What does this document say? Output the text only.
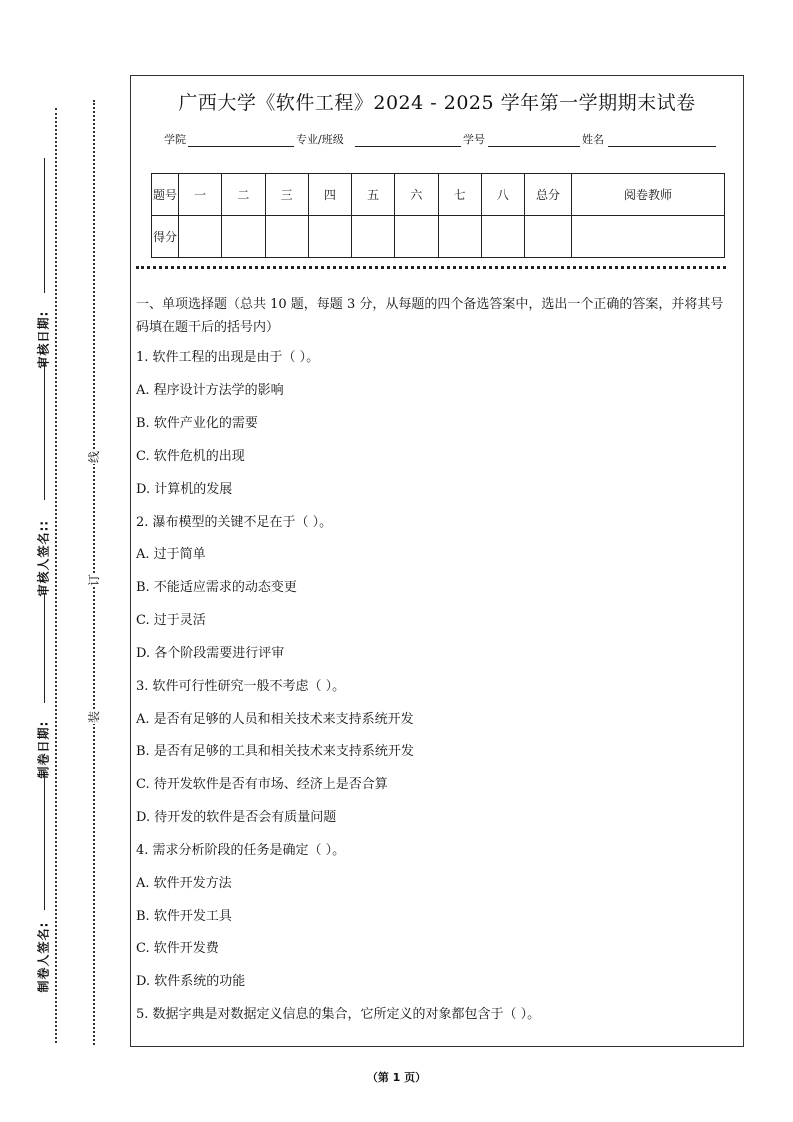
审核日期:
审核人签名::
制卷日期:
制卷人签名:
线
订
装
广西大学《软件工程》2024 - 2025 学年第一学期期末试卷
学院	专业/班级	学号	姓名
题号	一	二	三	四	五	六	七	八	总分	阅卷教师
得分										
一、单项选择题（总共 10 题，每题 3 分，从每题的四个备选答案中，选出一个正确的答案，并将其号码填在题干后的括号内）
1. 软件工程的出现是由于（ ）。
A. 程序设计方法学的影响
B. 软件产业化的需要
C. 软件危机的出现
D. 计算机的发展
2. 瀑布模型的关键不足在于（ ）。
A. 过于简单
B. 不能适应需求的动态变更
C. 过于灵活
D. 各个阶段需要进行评审
3. 软件可行性研究一般不考虑（ ）。
A. 是否有足够的人员和相关技术来支持系统开发
B. 是否有足够的工具和相关技术来支持系统开发
C. 待开发软件是否有市场、经济上是否合算
D. 待开发的软件是否会有质量问题
4. 需求分析阶段的任务是确定（ ）。
A. 软件开发方法
B. 软件开发工具
C. 软件开发费
D. 软件系统的功能
5. 数据字典是对数据定义信息的集合，它所定义的对象都包含于（ ）。
（第 1 页）
